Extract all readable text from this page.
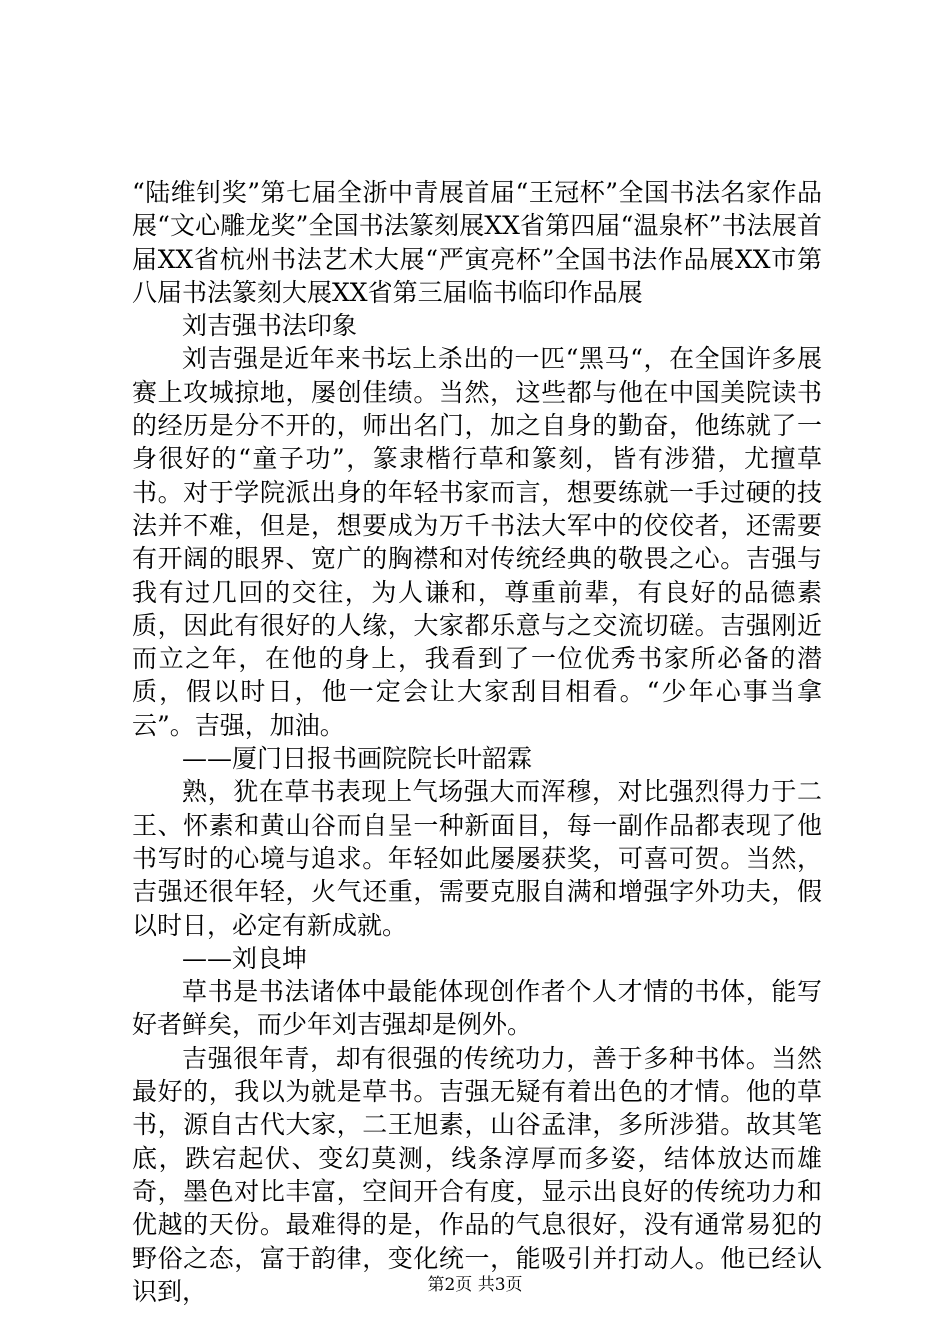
“陆维钊奖”第七届全浙中青展首届“王冠杯”全国书法名家作品展“文心雕龙奖”全国书法篆刻展XX省第四届“温泉杯”书法展首届XX省杭州书法艺术大展“严寅亮杯”全国书法作品展XX市第八届书法篆刻大展XX省第三届临书临印作品展

刘吉强书法印象

刘吉强是近年来书坛上杀出的一匹“黑马“，在全国许多展赛上攻城掠地，屡创佳绩。当然，这些都与他在中国美院读书的经历是分不开的，师出名门，加之自身的勤奋，他练就了一身很好的“童子功”，篆隶楷行草和篆刻，皆有涉猎，尤擅草书。对于学院派出身的年轻书家而言，想要练就一手过硬的技法并不难，但是，想要成为万千书法大军中的佼佼者，还需要有开阔的眼界、宽广的胸襟和对传统经典的敬畏之心。吉强与我有过几回的交往，为人谦和，尊重前辈，有良好的品德素质，因此有很好的人缘，大家都乐意与之交流切磋。吉强刚近而立之年，在他的身上，我看到了一位优秀书家所必备的潜质，假以时日，他一定会让大家刮目相看。“少年心事当拿云”。吉强，加油。

——厦门日报书画院院长叶韶霖

熟，犹在草书表现上气场强大而浑穆，对比强烈得力于二王、怀素和黄山谷而自呈一种新面目，每一副作品都表现了他书写时的心境与追求。年轻如此屡屡获奖，可喜可贺。当然，吉强还很年轻，火气还重，需要克服自满和增强字外功夫，假以时日，必定有新成就。

——刘良坤

草书是书法诸体中最能体现创作者个人才情的书体，能写好者鲜矣，而少年刘吉强却是例外。

吉强很年青，却有很强的传统功力，善于多种书体。当然最好的，我以为就是草书。吉强无疑有着出色的才情。他的草书，源自古代大家，二王旭素，山谷孟津，多所涉猎。故其笔底，跌宕起伏、变幻莫测，线条淳厚而多姿，结体放达而雄奇，墨色对比丰富，空间开合有度，显示出良好的传统功力和优越的天份。最难得的是，作品的气息很好，没有通常易犯的野俗之态，富于韵律，变化统一，能吸引并打动人。他已经认识到，	第2页 共3页
